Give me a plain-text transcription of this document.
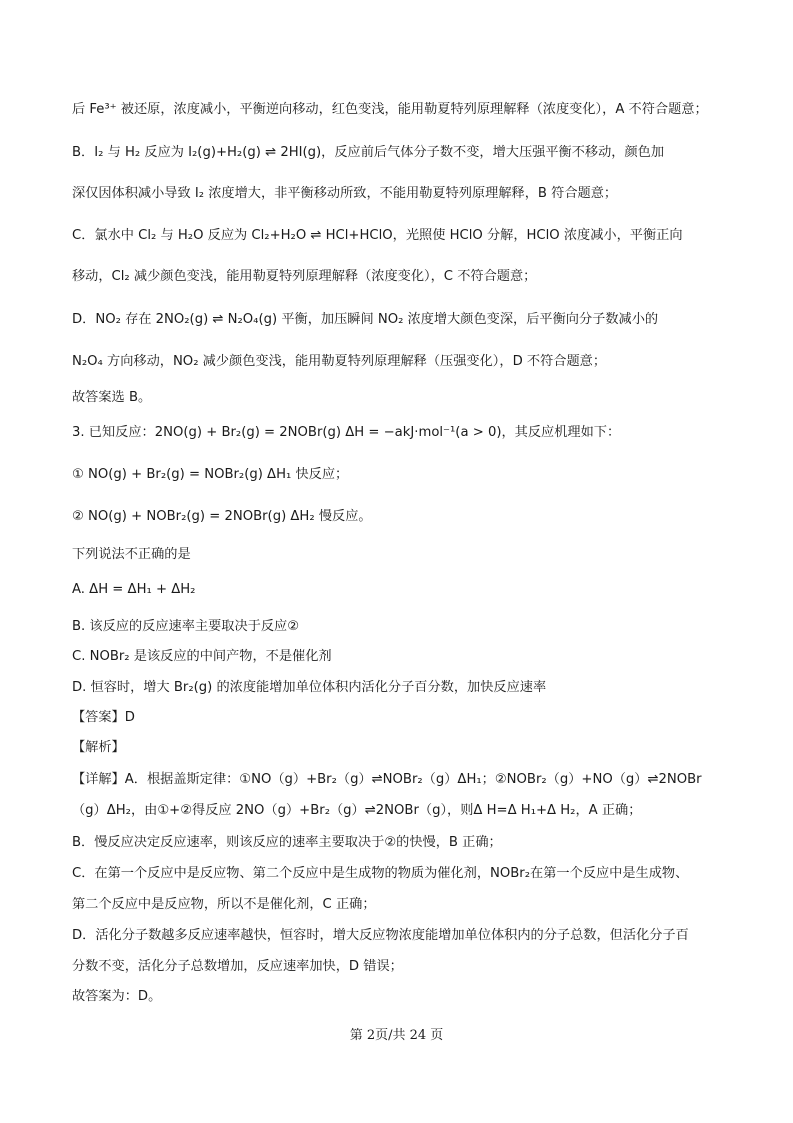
后 Fe³⁺ 被还原，浓度减小，平衡逆向移动，红色变浅，能用勒夏特列原理解释（浓度变化），A 不符合题意；
B．I₂ 与 H₂ 反应为 I₂(g)+H₂(g) ⇌ 2HI(g)，反应前后气体分子数不变，增大压强平衡不移动，颜色加
深仅因体积减小导致 I₂ 浓度增大，非平衡移动所致，不能用勒夏特列原理解释，B 符合题意；
C．氯水中 Cl₂ 与 H₂O 反应为 Cl₂+H₂O ⇌ HCl+HClO，光照使 HClO 分解，HClO 浓度减小，平衡正向
移动，Cl₂ 减少颜色变浅，能用勒夏特列原理解释（浓度变化），C 不符合题意；
D．NO₂ 存在 2NO₂(g) ⇌ N₂O₄(g) 平衡，加压瞬间 NO₂ 浓度增大颜色变深，后平衡向分子数减小的
N₂O₄ 方向移动，NO₂ 减少颜色变浅，能用勒夏特列原理解释（压强变化），D 不符合题意；
故答案选 B。
3. 已知反应：2NO(g) + Br₂(g) = 2NOBr(g) ΔH = −akJ·mol⁻¹(a > 0)，其反应机理如下：
① NO(g) + Br₂(g) = NOBr₂(g) ΔH₁ 快反应；
② NO(g) + NOBr₂(g) = 2NOBr(g) ΔH₂ 慢反应。
下列说法不正确的是
A. ΔH = ΔH₁ + ΔH₂
B. 该反应的反应速率主要取决于反应②
C. NOBr₂ 是该反应的中间产物，不是催化剂
D. 恒容时，增大 Br₂(g) 的浓度能增加单位体积内活化分子百分数，加快反应速率
【答案】D
【解析】
【详解】A．根据盖斯定律：①NO（g）+Br₂（g）⇌NOBr₂（g）ΔH₁；②NOBr₂（g）+NO（g）⇌2NOBr
（g）ΔH₂，由①+②得反应 2NO（g）+Br₂（g）⇌2NOBr（g），则Δ H=Δ H₁+Δ H₂，A 正确；
B．慢反应决定反应速率，则该反应的速率主要取决于②的快慢，B 正确；
C．在第一个反应中是反应物、第二个反应中是生成物的物质为催化剂，NOBr₂在第一个反应中是生成物、
第二个反应中是反应物，所以不是催化剂，C 正确；
D．活化分子数越多反应速率越快，恒容时，增大反应物浓度能增加单位体积内的分子总数，但活化分子百
分数不变，活化分子总数增加，反应速率加快，D 错误；
故答案为：D。
第 2页/共 24 页
